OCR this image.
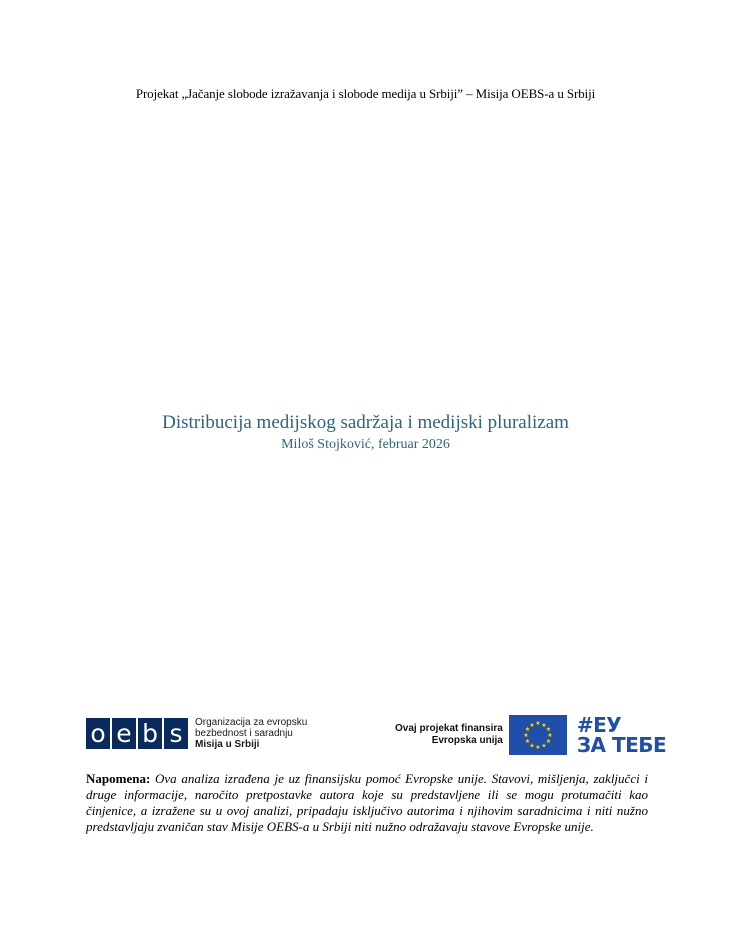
Projekat „Jačanje slobode izražavanja i slobode medija u Srbiji” – Misija OEBS-a u Srbiji
Distribucija medijskog sadržaja i medijski pluralizam
Miloš Stojković, februar 2026
o e b s	Organizacija za evropsku
bezbednost i saradnju
Misija u Srbiji
Ovaj projekat finansira
Evropska unija
★ ★
★
★
★
★
★
★
★
★
★
★ #ЕУ
ЗА ТЕБЕ
Napomena: Ova analiza izrađena je uz finansijsku pomoć Evropske unije. Stavovi, mišljenja, zaključci i druge informacije, naročito pretpostavke autora koje su predstavljene ili se mogu protumačiti kao činjenice, a izražene su u ovoj analizi, pripadaju isključivo autorima i njihovim saradnicima i niti nužno predstavljaju zvaničan stav Misije OEBS-a u Srbiji niti nužno odražavaju stavove Evropske unije.
